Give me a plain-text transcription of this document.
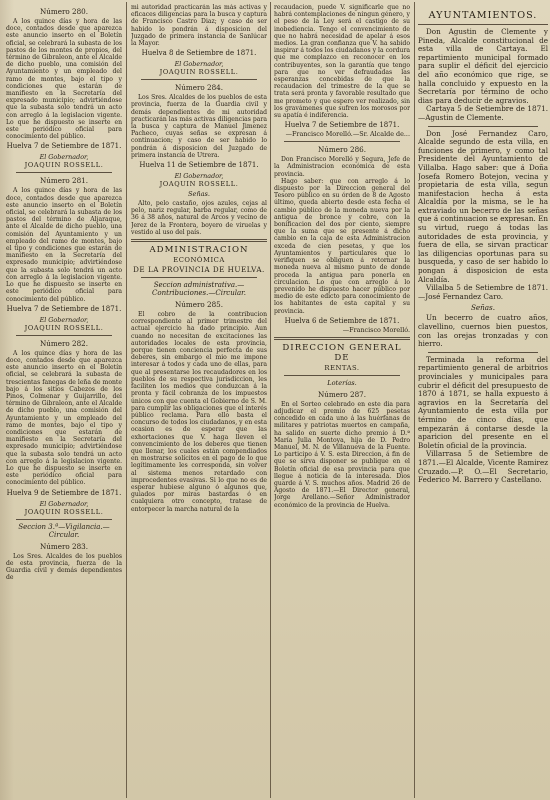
Número 280.

A los quince días y hora de las doce, contados desde que aparezca este anuncio inserto en el Boletín oficial, se celebrará la subasta de los pastos de los montes de propios, del término de Gibraleon, ante el Alcalde de dicho pueblo, una comisión del Ayuntamiento y un empleado del ramo de montes, bajo el tipo y condiciones que estarán de manifiesto en la Secretaría del expresado municipio; advirtiéndose que la subasta solo tendrá un acto con arreglo á la legislacion vigente. Lo que he dispuesto se inserte en este periódico oficial para conocimiento del público.

Huelva 7 de Setiembre de 1871.
El Gobernador,
JOAQUIN ROSSELL.
Número 281.

A los quince días y hora de las doce, contados desde que aparezca este anuncio inserto en el Boletín oficial, se celebrará la subasta de los pastos del término de Aljaraque, ante el Alcalde de dicho pueblo, una comisión del Ayuntamiento y un empleado del ramo de montes, bajo el tipo y condiciones que estarán de manifiesto en la Secretaría del expresado municipio; advirtiéndose que la subasta solo tendrá un acto con arreglo á la legislacion vigente. Lo que he dispuesto se inserte en este periódico oficial para conocimiento del público.

Huelva 7 de Setiembre de 1871.
El Gobernador,
JOAQUIN ROSSELL.
Número 282.

A los quince días y hora de las doce, contados desde que aparezca este anuncio inserto en el Boletín oficial, se celebrará la subasta de trescientas fanegas de leña de monte bajo á los sitios Cabezos de los Pinos, Colmenar y Guijarrillo, del término de Gibraleon, ante el Alcalde de dicho pueblo, una comisión del Ayuntamiento y un empleado del ramo de montes, bajo el tipo y condiciones que estarán de manifiesto en la Secretaría del expresado municipio; advirtiéndose que la subasta solo tendrá un acto con arreglo á la legislacion vigente. Lo que he dispuesto se inserte en este periódico oficial para conocimiento del público.

Huelva 9 de Setiembre de 1871.
El Gobernador,
JOAQUIN ROSSELL.
Seccion 3.ª—Vigilancia.—Circular.
Número 283.

Los Sres. Alcaldes de los pueblos de esta provincia, fuerza de la Guardia civil y demás dependientes de

mi autoridad practicarán las más activas y eficaces diligencias para la busca y captura de Francisco Castro Diaz; y caso de ser habido lo pondrán á disposicion del Juzgado de primera instancia de Sanlúcar la Mayor.

Huelva 8 de Setiembre de 1871.
El Gobernador,
JOAQUIN ROSSELL.
Número 284.

Los Sres. Alcaldes de los pueblos de esta provincia, fuerza de la Guardia civil y demás dependientes de mi autoridad practicarán las más activas diligencias para la busca y captura de Manuel Jimenez Pacheco, cuyas señas se expresan á continuacion; y caso de ser habido lo pondrán á disposicion del Juzgado de primera instancia de Utrera.

Huelva 11 de Setiembre de 1871.
El Gobernador,
JOAQUIN ROSSELL.
Señas.

Alto, pelo castaño, ojos azules, cejas al pelo, nariz regular, barba regular, como de 36 á 38 años, natural de Arcos y vecino de Jerez de la Frontera, boyero de viruelas y vestido al uso del país.

ADMINISTRACION
ECONÓMICA
DE LA PROVINCIA DE HUELVA.
Seccion administrativa.—Contribuciones.—Circular.
Número 285.

El cobro de la contribucion correspondiente al primer trimestre del actual ejercicio ha dado principio. Aun cuando no necesitan de excitaciones las autoridades locales de esta provincia, porque tienen conciencia perfecta de sus deberes, sin embargo el mio me impone interesar á todos y cada uno de ellas, para que al presentarse los recaudadores en los pueblos de su respectiva jurisdiccion, les faciliten los medios que conduzcan á la pronta y fácil cobranza de los impuestos únicos con que cuenta el Gobierno de S. M. para cumplir las obligaciones que el interés público reclama. Para ello basta el concurso de todos los ciudadanos, y en esta ocasion es de esperar que las exhortaciones que V. haga lleven el convencimiento de los deberes que tienen que llenar, los cuales están compendiados en mostrarse solícitos en el pago de lo que legítimamente les corresponda, sin volver al sistema menos retardado con improcedentes evasivas. Si lo que no es de esperar hubiese alguno ó algunos que, guiados por miras bastardas ó en cualquiera otro concepto, tratase de entorpecer la marcha natural de la

recaudacion, puede V. significarle que no habrá contemplaciones de ningun género, y el peso de la Ley será el castigo de su inobediencia. Tengo el convencimiento de que no habrá necesidad de apelar á esos medios. La gran confianza que V. ha sabido inspirar á todos los ciudadanos y la cordura que me complazco en reconocer en los contribuyentes, son la garantía que tengo para que no ver defraudadas las esperanzas concebidas de que la recaudacion del trimestre de la que se trata será pronta y favorable resultado que me prometo y que espero ver realizado, sin los gravámenes que sufren los morosos por su apatía é indiferencia.

Huelva 7 de Setiembre de 1871.
—Francisco Morelló.—Sr. Alcalde de...
Número 286.

Don Francisco Morelló y Segura, Jefe de la Administracion económica de esta provincia.

Hago saber: que con arreglo á lo dispuesto por la Direccion general del Tesoro público en su órden de 8 de Agosto último, queda abierto desde esta fecha el cambio público de la moneda nueva por la antigua de bronce y cobre, con la bonificacion del dos por ciento, siempre que la suma que se presente á dicho cambio en la caja de esta Administracion exceda de cien pesetas, y que los Ayuntamientos y particulares que lo verifiquen se obliguen á retornar la moneda nueva al mismo punto de donde proceda la antigua para ponerla en circulacion. Lo que con arreglo á lo prevenido he dispuesto hacer público por medio de este edicto para conocimiento de los habitantes de esta capital y su provincia.

Huelva 6 de Setiembre de 1871.
—Francisco Morelló.
DIRECCION GENERAL DE
RENTAS.
Loterías.
Número 287.

En el Sorteo celebrado en este dia para adjudicar el premio de 625 pesetas concedido en cada uno á las huérfanas de militares y patriotas muertos en campaña, ha salido en suerte dicho premio á D.ª María Julia Montoya, hija de D. Pedro Manuel, M. N. de Villanueva de la Fuente. Lo participo á V. S. esta Direccion, á fin de que se sirva disponer se publique en el Boletín oficial de esa provincia para que llegue á noticia de la interesada. Dios guarde á V. S. muchos años. Madrid 26 de Agosto de 1871.—El Director general, Jorge Arellano.—Señor Administrador económico de la provincia de Huelva.

AYUNTAMIENTOS.

Don Agustin de Clemente y Pineda, Alcalde constitucional de esta villa de Cartaya. El repartimiento municipal formado para suplir el déficit del ejercicio del año económico que rige, se halla concluido y expuesto en la Secretaría por término de ocho dias para deducir de agravios.

Cartaya 5 de Setiembre de 1871.—Agustin de Clemente.

Don José Fernandez Caro, Alcalde segundo de esta villa, en funciones de primero, y como tal Presidente del Ayuntamiento de Villalba. Hago saber: que á Doña Josefa Romero Botejon, vecina y propietaria de esta villa, segun manifestacion hecha á esta Alcaldía por la misma, se le ha extraviado un becerro de las señas que á continuacion se expresan. En su virtud, ruego á todas las autoridades de esta provincia, y fuera de ella, se sirvan practicar las diligencias oportunas para su busqueda, y caso de ser habido lo pongan á disposicion de esta Alcaldía.

Villalba 5 de Setiembre de 1871.—José Fernandez Caro.

Señas.

Un becerro de cuatro años, clavellino, cuernos bien puestos, con las orejas tronzadas y con hierro.

Terminada la reforma del repartimiento general de arbitrios provinciales y municipales para cubrir el déficit del presupuesto de 1870 á 1871, se halla expuesto á agravios en la Secretaría del Ayuntamiento de esta villa por término de cinco días, que empezarán á contarse desde la aparicion del presente en el Boletín oficial de la provincia.

Villarrasa 5 de Setiembre de 1871.—El Alcalde, Vicente Ramirez Cruzado.—P. O.—El Secretario, Federico M. Barrero y Castellano.
